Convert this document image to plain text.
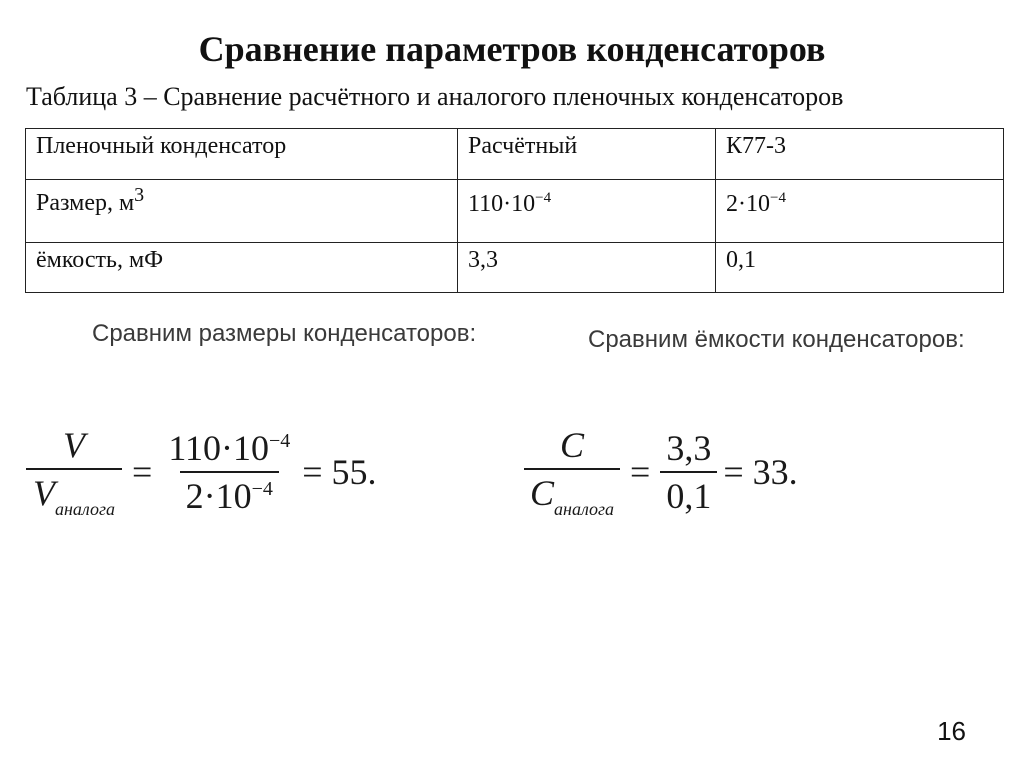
Сравнение параметров конденсаторов
Таблица 3 – Сравнение расчётного и аналогого пленочных конденсаторов
Пленочный конденсатор	Расчётный	К77-3
Размер, $м^3$	$110\cdot 10^{-4}$	$2\cdot 10^{-4}$
ёмкость, мФ	3,3	0,1
Сравним размеры конденсаторов:	Сравним ёмкости конденсаторов:
$\frac{V}{V_{аналога}} = \frac{110\cdot 10^{-4}}{2\cdot 10^{-4}} = 55$.	$\frac{C}{C_{аналога}} = \frac{3,3}{0,1} = 33$.
16
